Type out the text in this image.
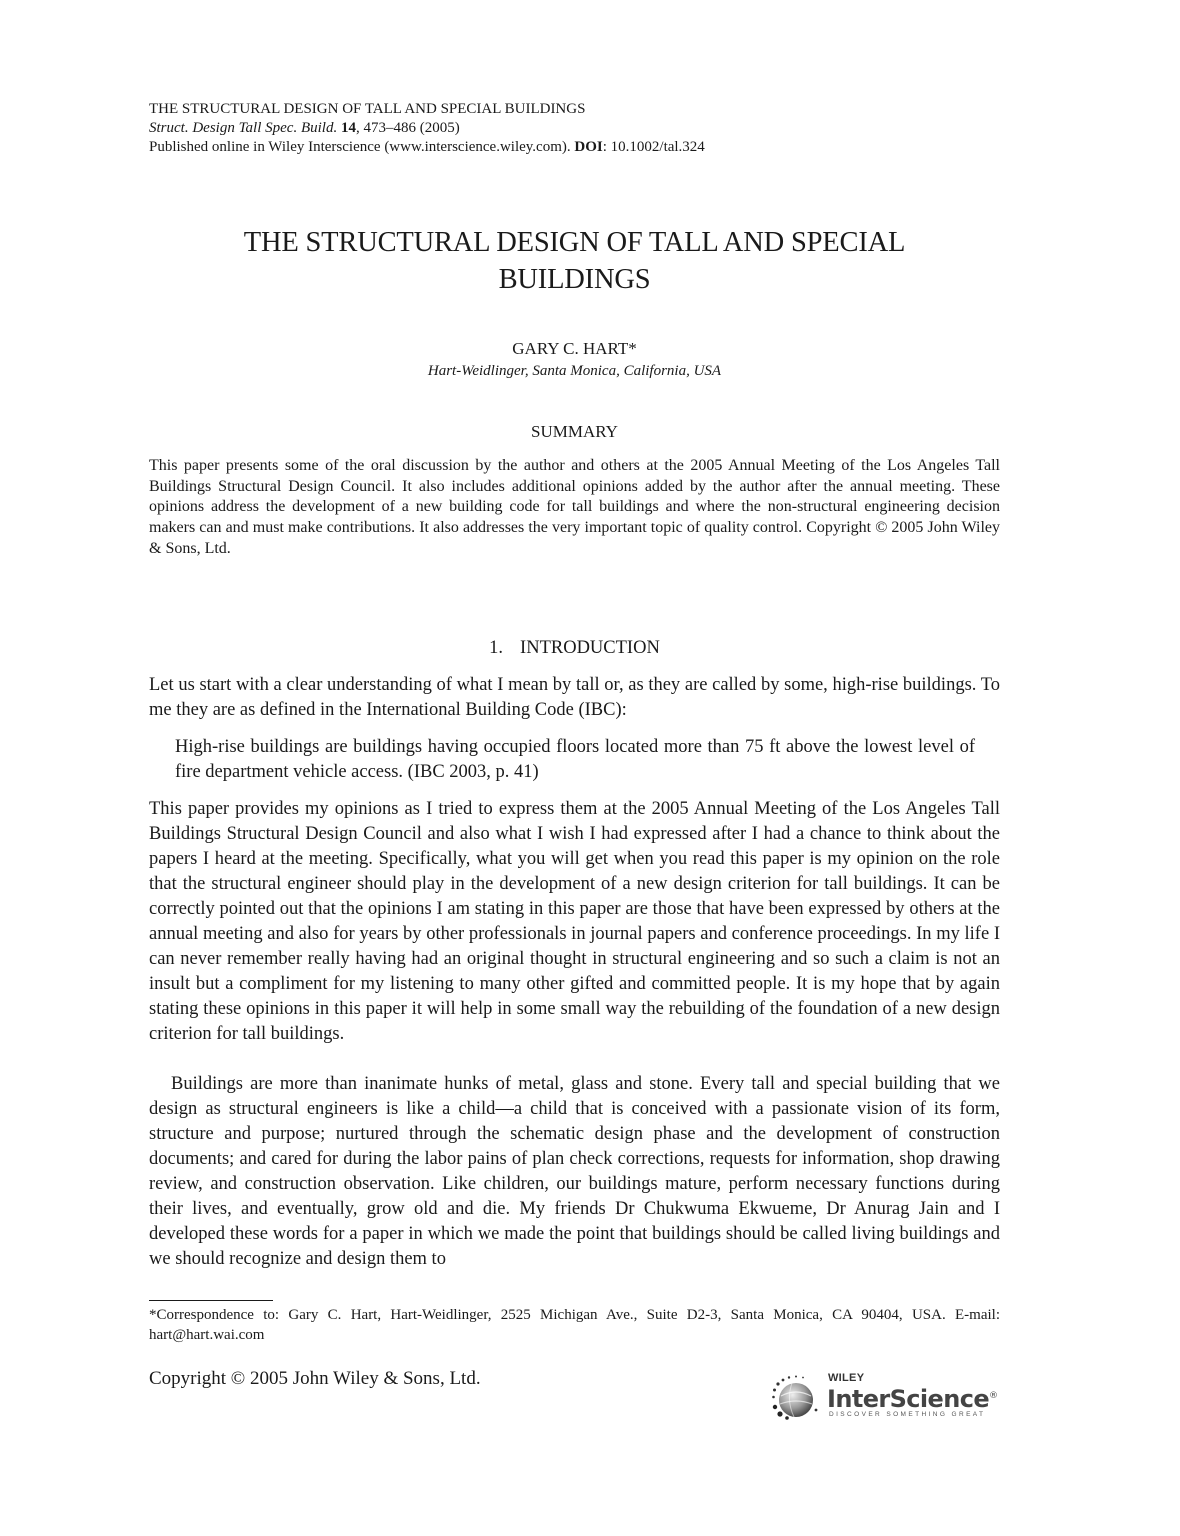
THE STRUCTURAL DESIGN OF TALL AND SPECIAL BUILDINGS
Struct. Design Tall Spec. Build. 14, 473–486 (2005)
Published online in Wiley Interscience (www.interscience.wiley.com). DOI: 10.1002/tal.324
THE STRUCTURAL DESIGN OF TALL AND SPECIAL
BUILDINGS
GARY C. HART*
Hart-Weidlinger, Santa Monica, California, USA
SUMMARY
This paper presents some of the oral discussion by the author and others at the 2005 Annual Meeting of the Los Angeles Tall Buildings Structural Design Council. It also includes additional opinions added by the author after the annual meeting. These opinions address the development of a new building code for tall buildings and where the non-structural engineering decision makers can and must make contributions. It also addresses the very important topic of quality control. Copyright © 2005 John Wiley & Sons, Ltd.
1. INTRODUCTION
Let us start with a clear understanding of what I mean by tall or, as they are called by some, high-rise buildings. To me they are as defined in the International Building Code (IBC):
High-rise buildings are buildings having occupied floors located more than 75 ft above the lowest level of fire department vehicle access. (IBC 2003, p. 41)
This paper provides my opinions as I tried to express them at the 2005 Annual Meeting of the Los Angeles Tall Buildings Structural Design Council and also what I wish I had expressed after I had a chance to think about the papers I heard at the meeting. Specifically, what you will get when you read this paper is my opinion on the role that the structural engineer should play in the development of a new design criterion for tall buildings. It can be correctly pointed out that the opinions I am stating in this paper are those that have been expressed by others at the annual meeting and also for years by other professionals in journal papers and conference proceedings. In my life I can never remember really having had an original thought in structural engineering and so such a claim is not an insult but a compliment for my listening to many other gifted and committed people. It is my hope that by again stating these opinions in this paper it will help in some small way the rebuilding of the foundation of a new design criterion for tall buildings.
Buildings are more than inanimate hunks of metal, glass and stone. Every tall and special building that we design as structural engineers is like a child—a child that is conceived with a passionate vision of its form, structure and purpose; nurtured through the schematic design phase and the development of construction documents; and cared for during the labor pains of plan check corrections, requests for information, shop drawing review, and construction observation. Like children, our buildings mature, perform necessary functions during their lives, and eventually, grow old and die. My friends Dr Chukwuma Ekwueme, Dr Anurag Jain and I developed these words for a paper in which we made the point that buildings should be called living buildings and we should recognize and design them to
*Correspondence to: Gary C. Hart, Hart-Weidlinger, 2525 Michigan Ave., Suite D2-3, Santa Monica, CA 90404, USA. E-mail: hart@hart.wai.com
Copyright © 2005 John Wiley & Sons, Ltd.	WILEY
InterScience®
DISCOVER SOMETHING GREAT
